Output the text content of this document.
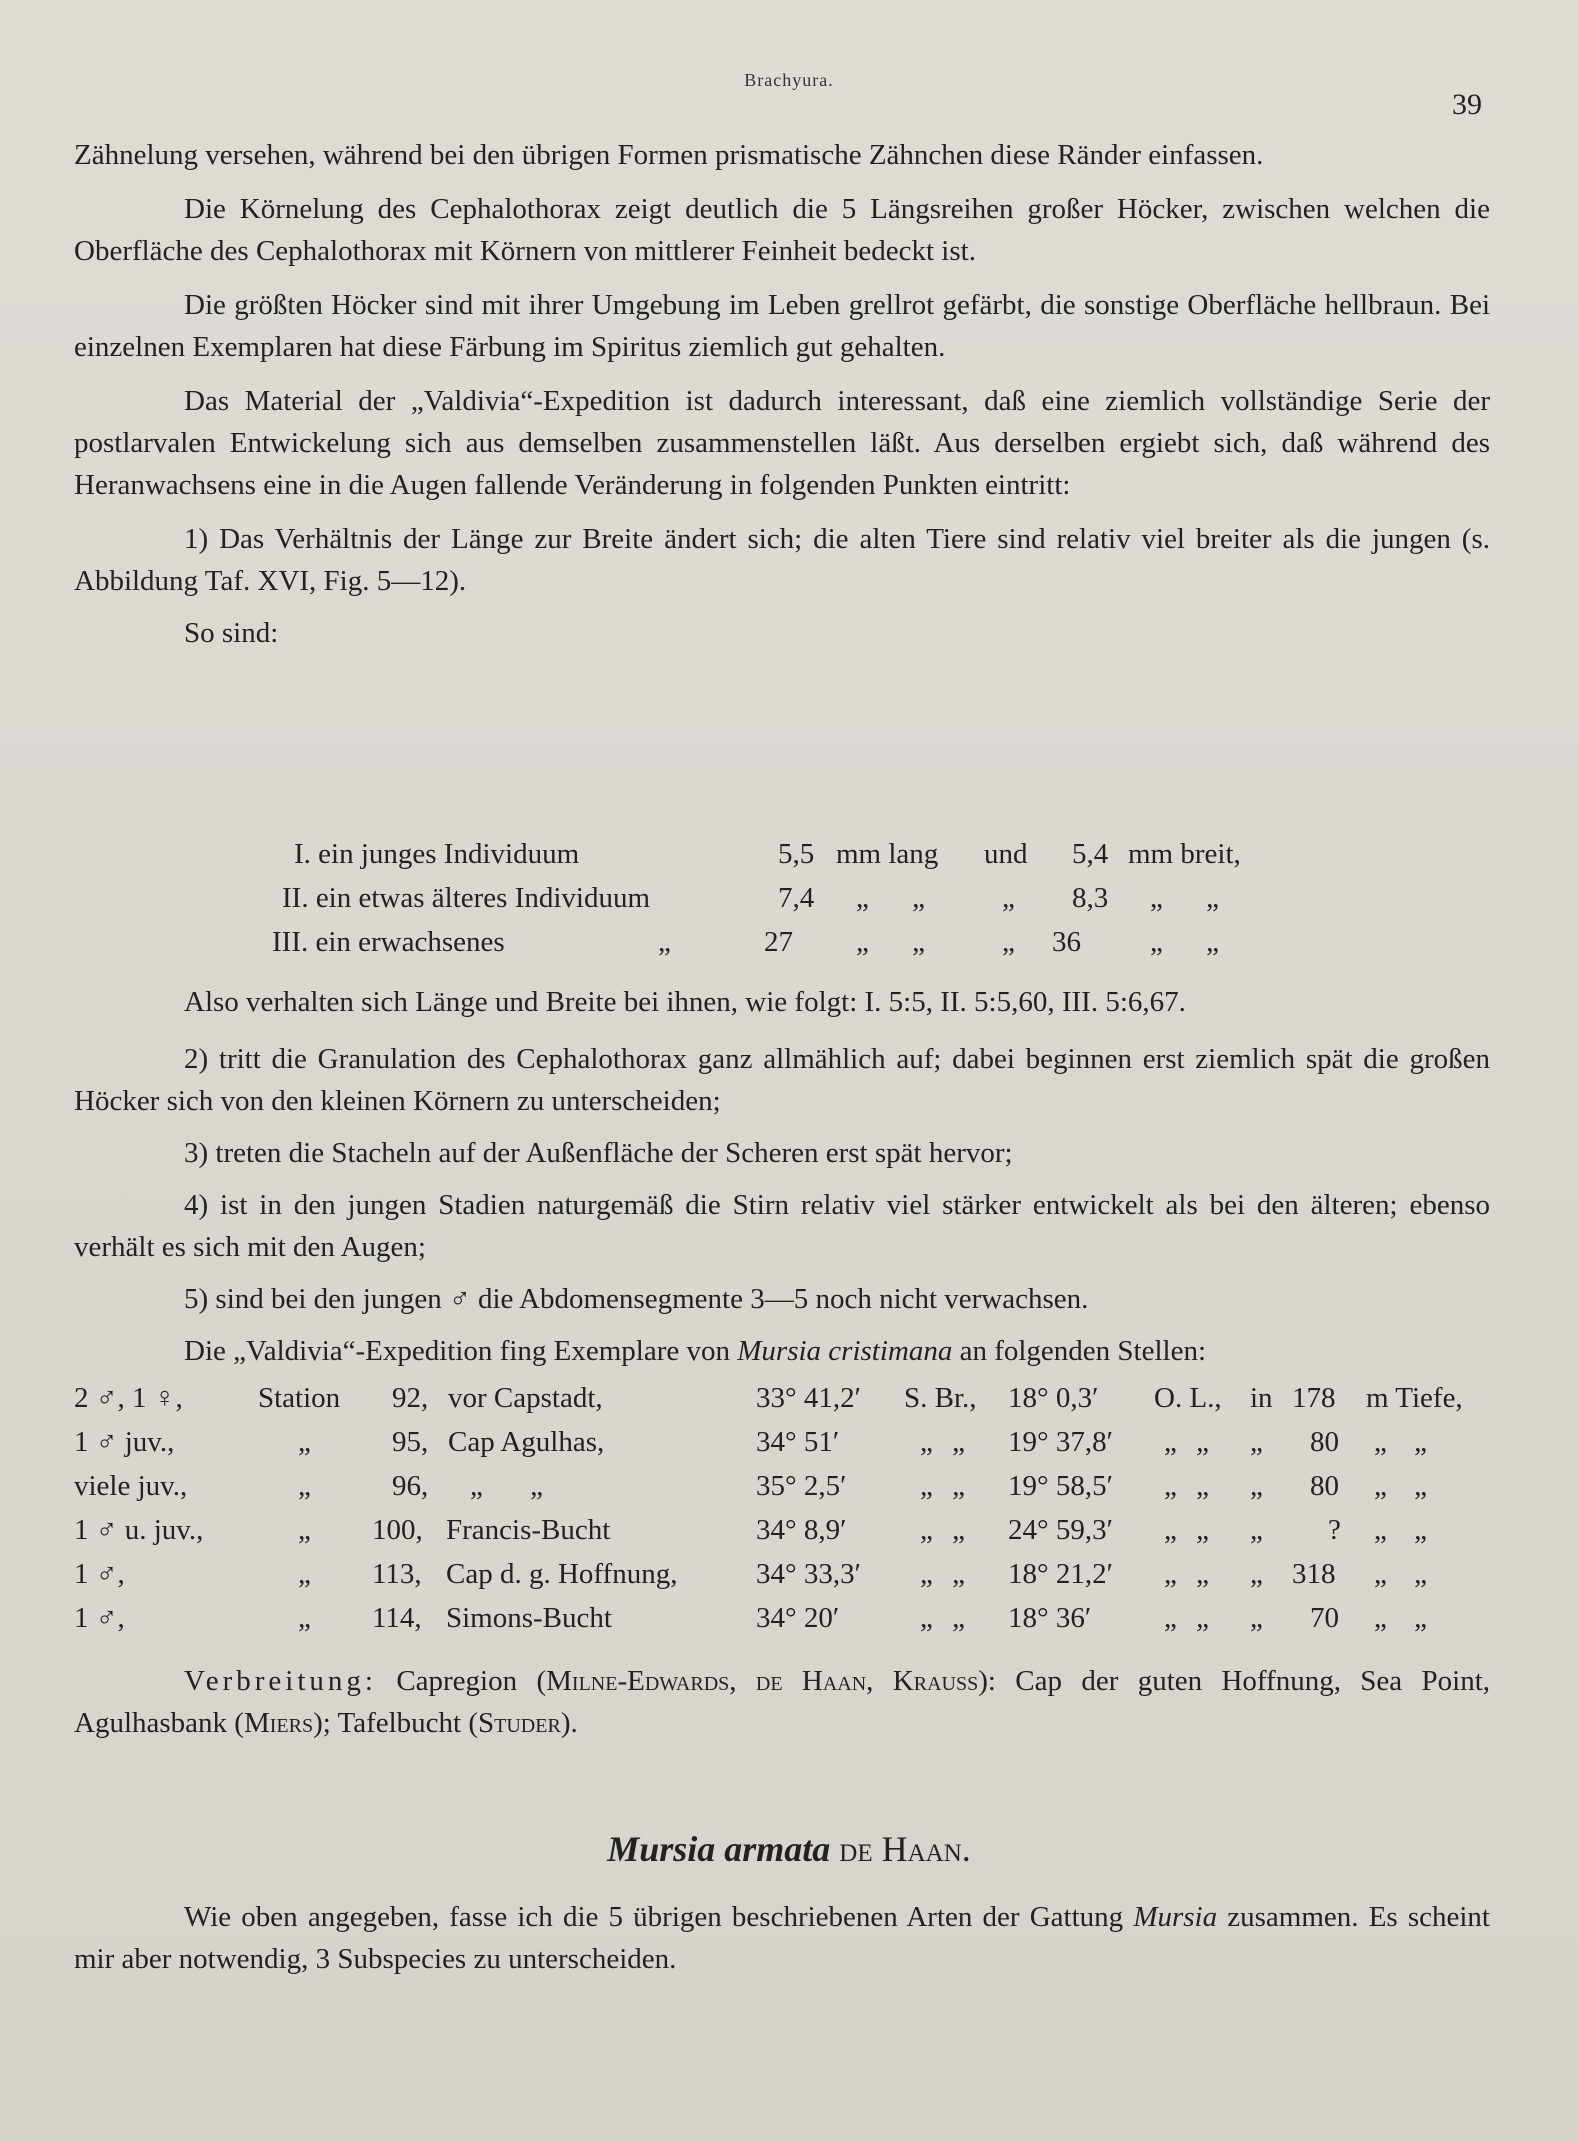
Brachyura.
39

Zähnelung versehen, während bei den übrigen Formen prismatische Zähnchen diese Ränder einfassen.

Die Körnelung des Cephalothorax zeigt deutlich die 5 Längsreihen großer Höcker, zwischen welchen die Oberfläche des Cephalothorax mit Körnern von mittlerer Feinheit bedeckt ist.

Die größten Höcker sind mit ihrer Umgebung im Leben grellrot gefärbt, die sonstige Oberfläche hellbraun. Bei einzelnen Exemplaren hat diese Färbung im Spiritus ziemlich gut gehalten.

Das Material der „Valdivia“-Expedition ist dadurch interessant, daß eine ziemlich vollständige Serie der postlarvalen Entwickelung sich aus demselben zusammenstellen läßt. Aus derselben ergiebt sich, daß während des Heranwachsens eine in die Augen fallende Veränderung in folgenden Punkten eintritt:

1) Das Verhältnis der Länge zur Breite ändert sich; die alten Tiere sind relativ viel breiter als die jungen (s. Abbildung Taf. XVI, Fig. 5—12).

So sind:

I. ein junges Individuum	5,5 mm lang und 5,4 mm breit,
II. ein etwas älteres Individuum	7,4 „ „	„ 8,3 „ „
III. ein erwachsenes	„	27 „ „	„ 36 „ „
Also verhalten sich Länge und Breite bei ihnen, wie folgt: I. 5:5, II. 5:5,60, III. 5:6,67.

2) tritt die Granulation des Cephalothorax ganz allmählich auf; dabei beginnen erst ziemlich spät die großen Höcker sich von den kleinen Körnern zu unterscheiden;

3) treten die Stacheln auf der Außenfläche der Scheren erst spät hervor;

4) ist in den jungen Stadien naturgemäß die Stirn relativ viel stärker entwickelt als bei den älteren; ebenso verhält es sich mit den Augen;

5) sind bei den jungen ♂ die Abdomensegmente 3—5 noch nicht verwachsen.

Die „Valdivia“-Expedition fing Exemplare von Mursia cristimana an folgenden Stellen:

2 ♂, 1 ♀,	Station 92, vor Capstadt,	33° 41,2′ S. Br., 18° 0,3′ O. L., in 178 m Tiefe,
1 ♂ juv.,	„	95, Cap Agulhas,	34° 51′	„ „ 19° 37,8′ „ „ „ 80 „ „
viele juv.,	„	96, „ „	35° 2,5′	„ „ 19° 58,5′ „ „ „ 80 „ „
1 ♂ u. juv.,	„ 100, Francis-Bucht	34° 8,9′	„ „ 24° 59,3′ „ „ „ ? „ „
1 ♂,	„ 113, Cap d. g. Hoffnung,	34° 33,3′ „ „ 18° 21,2′ „ „ „ 318 „ „
1 ♂,	„ 114, Simons-Bucht	34° 20′	„ „ 18° 36′	„ „ „ 70 „ „

Verbreitung: Capregion (Milne-Edwards, de Haan, Krauss): Cap der guten Hoffnung, Sea Point, Agulhasbank (Miers); Tafelbucht (Studer).

Mursia armata de Haan.

Wie oben angegeben, fasse ich die 5 übrigen beschriebenen Arten der Gattung Mursia zusammen. Es scheint mir aber notwendig, 3 Subspecies zu unterscheiden.
